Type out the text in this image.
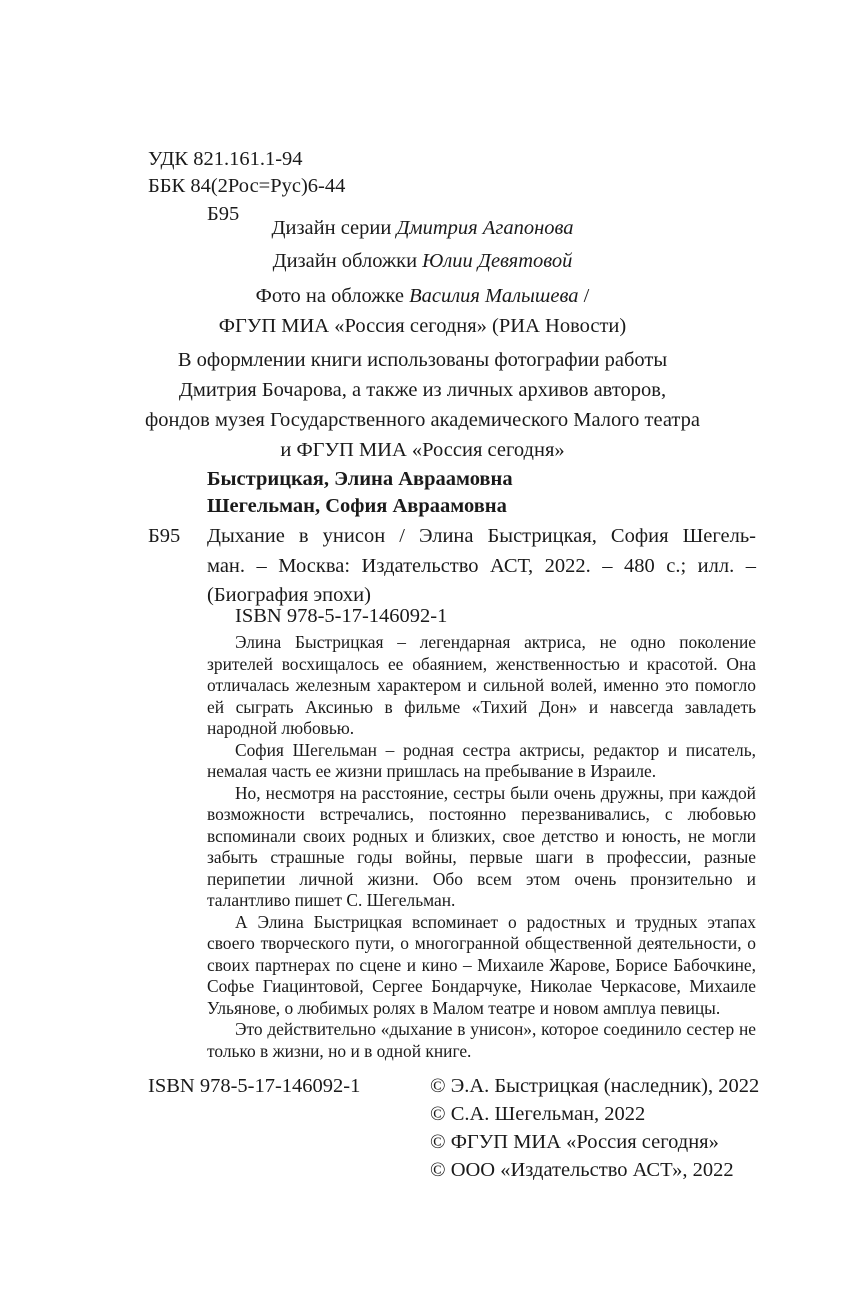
УДК 821.161.1-94
ББК 84(2Рос=Рус)6-44
Б95
Дизайн серии Дмитрия Агапонова
Дизайн обложки Юлии Девятовой
Фото на обложке Василия Малышева /
ФГУП МИА «Россия сегодня» (РИА Новости)
В оформлении книги использованы фотографии работы
Дмитрия Бочарова, а также из личных архивов авторов,
фондов музея Государственного академического Малого театра
и ФГУП МИА «Россия сегодня»
Быстрицкая, Элина Авраамовна
Шегельман, София Авраамовна
Б95 Дыхание в унисон / Элина Быстрицкая, София Шегель-
ман. – Москва: Издательство АСТ, 2022. – 480 с.; илл. –
(Биография эпохи)
ISBN 978-5-17-146092-1

Элина Быстрицкая – легендарная актриса, не одно поколение зрителей восхищалось ее обаянием, женственностью и красотой. Она отличалась железным характером и сильной волей, именно это помогло ей сыграть Аксинью в фильме «Тихий Дон» и навсегда завладеть народной любовью.

София Шегельман – родная сестра актрисы, редактор и писатель, немалая часть ее жизни пришлась на пребывание в Израиле.

Но, несмотря на расстояние, сестры были очень дружны, при каждой возможности встречались, постоянно перезванивались, с любовью вспоминали своих родных и близких, свое детство и юность, не могли забыть страшные годы войны, первые шаги в профессии, разные перипетии личной жизни. Обо всем этом очень пронзительно и талантливо пишет С. Шегельман.

А Элина Быстрицкая вспоминает о радостных и трудных этапах своего творческого пути, о многогранной общественной деятельности, о своих партнерах по сцене и кино – Михаиле Жарове, Борисе Бабочкине, Софье Гиацинтовой, Сергее Бондарчуке, Николае Черкасове, Михаиле Ульянове, о любимых ролях в Малом театре и новом амплуа певицы.

Это действительно «дыхание в унисон», которое соединило сестер не только в жизни, но и в одной книге.

ISBN 978-5-17-146092-1	© Э.А. Быстрицкая (наследник), 2022
© С.А. Шегельман, 2022
© ФГУП МИА «Россия сегодня»
© ООО «Издательство АСТ», 2022
